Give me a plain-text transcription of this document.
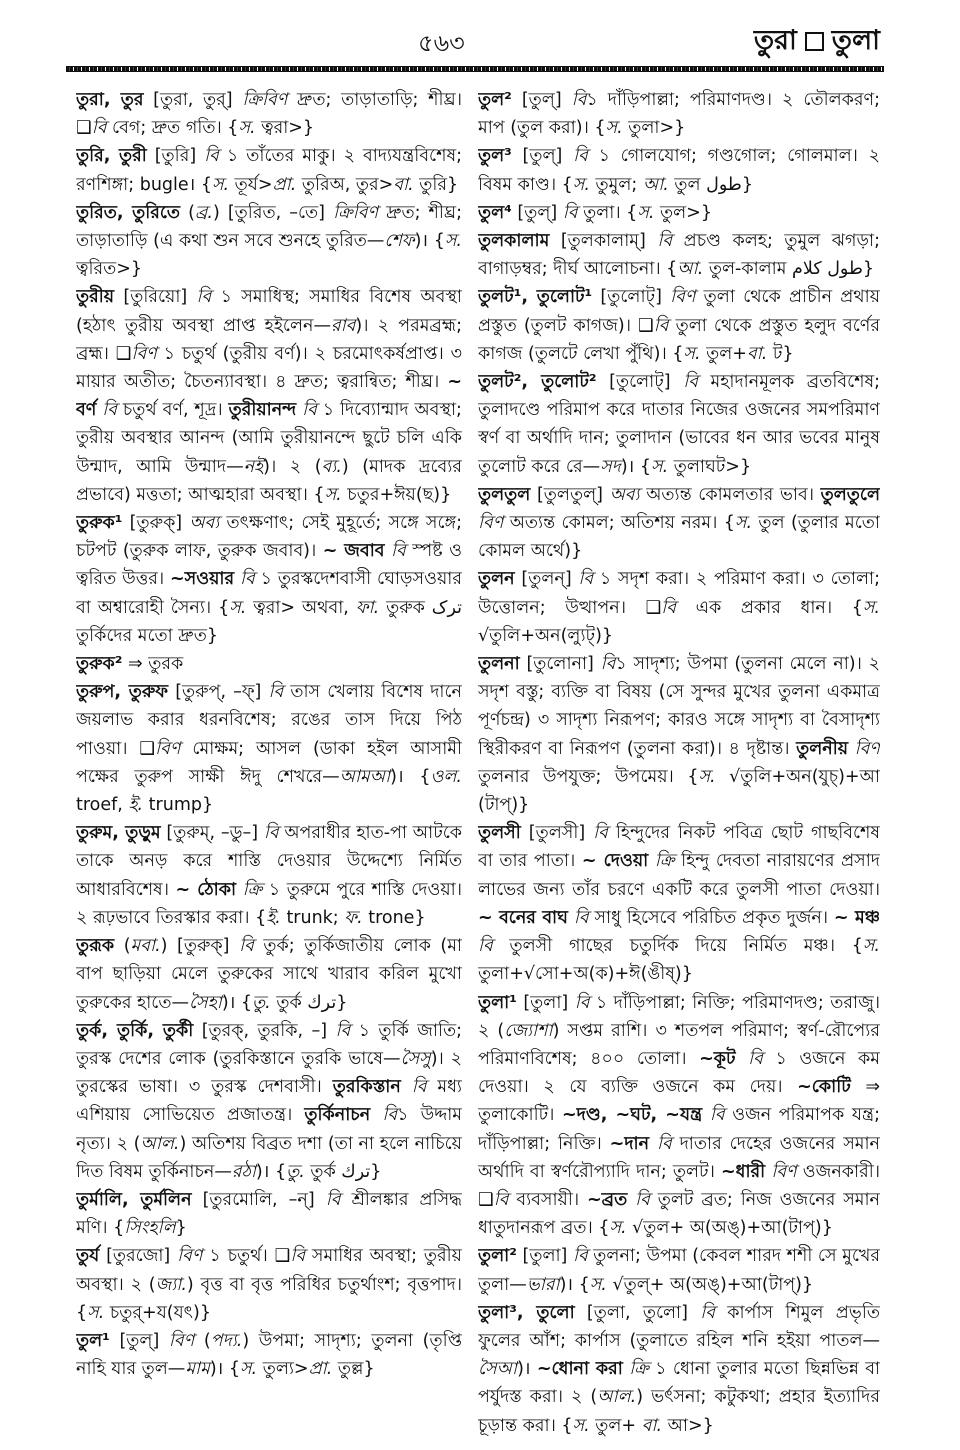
৫৬৩	তুরা তুলা

তুরা, তুর [তুরা, তুর্] ক্রিবিণ দ্রুত; তাড়াতাড়ি; শীঘ্র। ❑বি বেগ; দ্রুত গতি। {স. ত্বরা>}

তুরি, তুরী [তুরি] বি ১ তাঁতের মাকু। ২ বাদ্যযন্ত্রবিশেষ; রণশিঙ্গা; bugle। {স. তূর্য>প্রা. তুরিঅ, তুর>বা. তুরি}

তুরিত, তুরিতে (ব্র.) [তুরিত, –তে] ক্রিবিণ দ্রুত; শীঘ্র; তাড়াতাড়ি (এ কথা শুন সবে শুনহে তুরিত—শেফ)। {স. ত্বরিত>}

তুরীয় [তুরিয়ো] বি ১ সমাধিস্থ; সমাধির বিশেষ অবস্থা (হঠাৎ তুরীয় অবস্থা প্রাপ্ত হইলেন—রাব)। ২ পরমব্রহ্ম; ব্রহ্ম। ❑বিণ ১ চতুর্থ (তুরীয় বর্ণ)। ২ চরমোৎকর্ষপ্রাপ্ত। ৩ মায়ার অতীত; চৈতন্যাবস্থা। ৪ দ্রুত; ত্বরান্বিত; শীঘ্র। ~ বর্ণ বি চতুর্থ বর্ণ, শূদ্র। তুরীয়ানন্দ বি ১ দিব্যোন্মাদ অবস্থা; তুরীয় অবস্থার আনন্দ (আমি তুরীয়ানন্দে ছুটে চলি একি উন্মাদ, আমি উন্মাদ—নই)। ২ (ব্য.) (মাদক দ্রব্যের প্রভাবে) মত্ততা; আত্মহারা অবস্থা। {স. চতুর+ঈয়(ছ)}

তুরুক¹ [তুরুক্] অব্য তৎক্ষণাৎ; সেই মুহূর্তে; সঙ্গে সঙ্গে; চটপট (তুরুক লাফ, তুরুক জবাব)। ~ জবাব বি স্পষ্ট ও ত্বরিত উত্তর। ~সওয়ার বি ১ তুরস্কদেশবাসী ঘোড়সওয়ার বা অশ্বারোহী সৈন্য। {স. ত্বরা> অথবা, ফা. তুরুক ترک তুর্কিদের মতো দ্রুত}

তুরুক² ⇒ তুরক

তুরুপ, তুরুফ [তুরুপ্, –ফ্] বি তাস খেলায় বিশেষ দানে জয়লাভ করার ধরনবিশেষ; রঙের তাস দিয়ে পিঠ পাওয়া। ❑বিণ মোক্ষম; আসল (ডাকা হইল আসামী পক্ষের তুরুপ সাক্ষী ঈদু শেখরে—আমআ)। {ওল. troef, ই. trump}

তুরুম, তুড়ুম [তুরুম্, –ডু–] বি অপরাধীর হাত-পা আটকে তাকে অনড় করে শাস্তি দেওয়ার উদ্দেশ্যে নির্মিত আধারবিশেষ। ~ ঠোকা ক্রি ১ তুরুমে পুরে শাস্তি দেওয়া। ২ রূঢ়ভাবে তিরস্কার করা। {ই. trunk; ফ. trone}

তুরূক (মবা.) [তুরুক্] বি তুর্ক; তুর্কিজাতীয় লোক (মা বাপ ছাড়িয়া মেলে তুরুকের সাথে খারাব করিল মুখো তুরুকের হাতে—সৈহা)। {তু. তুর্ক ترك}

তুর্ক, তুর্কি, তুর্কী [তুরক্, তুরকি, –] বি ১ তুর্কি জাতি; তুরস্ক দেশের লোক (তুরকিস্তানে তুরকি ভাষে—সৈসু)। ২ তুরস্কের ভাষা। ৩ তুরস্ক দেশবাসী। তুরকিস্তান বি মধ্য এশিয়ায় সোভিয়েত প্রজাতন্ত্র। তুর্কিনাচন বি১ উদ্দাম নৃত্য। ২ (আল.) অতিশয় বিব্রত দশা (তা না হলে নাচিয়ে দিত বিষম তুর্কিনাচন—রঠা)। {তু. তুর্ক ترك}

তুর্মালি, তুর্মলিন [তুরমোলি, –ন্] বি শ্রীলঙ্কার প্রসিদ্ধ মণি। {সিংহলি}

তুর্য [তুরজো] বিণ ১ চতুর্থ। ❑বি সমাধির অবস্থা; তুরীয় অবস্থা। ২ (জ্যা.) বৃত্ত বা বৃত্ত পরিধির চতুর্থাংশ; বৃত্তপাদ। {স. চতুর্+য(যৎ)}

তুল¹ [তুল্] বিণ (পদ্য.) উপমা; সাদৃশ্য; তুলনা (তৃপ্তি নাহি যার তুল—মাম)। {স. তুল্য>প্রা. তুল্ল}

তুল² [তুল্] বি১ দাঁড়িপাল্লা; পরিমাণদণ্ড। ২ তৌলকরণ; মাপ (তুল করা)। {স. তুলা>}

তুল³ [তুল্] বি ১ গোলযোগ; গণ্ডগোল; গোলমাল। ২ বিষম কাণ্ড। {স. তুমুল; আ. তুল طول}

তুল⁴ [তুল্] বি তুলা। {স. তুল>}

তুলকালাম [তুলকালাম্] বি প্রচণ্ড কলহ; তুমুল ঝগড়া; বাগাড়ম্বর; দীর্ঘ আলোচনা। {আ. তুল-কালাম طول كلام}

তুলট¹, তুলোট¹ [তুলোট্] বিণ তুলা থেকে প্রাচীন প্রথায় প্রস্তুত (তুলট কাগজ)। ❑বি তুলা থেকে প্রস্তুত হলুদ বর্ণের কাগজ (তুলটে লেখা পুঁথি)। {স. তুল+বা. ট}

তুলট², তুলোট² [তুলোট্] বি মহাদানমূলক ব্রতবিশেষ; তুলাদণ্ডে পরিমাপ করে দাতার নিজের ওজনের সমপরিমাণ স্বর্ণ বা অর্থাদি দান; তুলাদান (ভাবের ধন আর ভবের মানুষ তুলোট করে রে—সদ)। {স. তুলাঘট>}

তুলতুল [তুলতুল্] অব্য অত্যন্ত কোমলতার ভাব। তুলতুলে বিণ অত্যন্ত কোমল; অতিশয় নরম। {স. তুল (তুলার মতো কোমল অর্থে)}

তুলন [তুলন্] বি ১ সদৃশ করা। ২ পরিমাণ করা। ৩ তোলা; উত্তোলন; উত্থাপন। ❑বি এক প্রকার ধান। {স. √তুলি+অন(ল্যুট্)}

তুলনা [তুলোনা] বি১ সাদৃশ্য; উপমা (তুলনা মেলে না)। ২ সদৃশ বস্তু; ব্যক্তি বা বিষয় (সে সুন্দর মুখের তুলনা একমাত্র পূর্ণচন্দ্র) ৩ সাদৃশ্য নিরূপণ; কারও সঙ্গে সাদৃশ্য বা বৈসাদৃশ্য স্থিরীকরণ বা নিরূপণ (তুলনা করা)। ৪ দৃষ্টান্ত। তুলনীয় বিণ তুলনার উপযুক্ত; উপমেয়। {স. √তুলি+অন(যুচ্)+আ (টাপ্)}

তুলসী [তুলসী] বি হিন্দুদের নিকট পবিত্র ছোট গাছবিশেষ বা তার পাতা। ~ দেওয়া ক্রি হিন্দু দেবতা নারায়ণের প্রসাদ লাভের জন্য তাঁর চরণে একটি করে তুলসী পাতা দেওয়া। ~ বনের বাঘ বি সাধু হিসেবে পরিচিত প্রকৃত দুর্জন। ~ মঞ্চ বি তুলসী গাছের চতুর্দিক দিয়ে নির্মিত মঞ্চ। {স. তুলা+√সো+অ(ক)+ঈ(ঙীষ্)}

তুলা¹ [তুলা] বি ১ দাঁড়িপাল্লা; নিক্তি; পরিমাণদণ্ড; তরাজু। ২ (জ্যোশা) সপ্তম রাশি। ৩ শতপল পরিমাণ; স্বর্ণ-রৌপ্যের পরিমাণবিশেষ; ৪০০ তোলা। ~কূট বি ১ ওজনে কম দেওয়া। ২ যে ব্যক্তি ওজনে কম দেয়। ~কোটি ⇒ তুলাকোটি। ~দণ্ড, ~ঘট, ~যন্ত্র বি ওজন পরিমাপক যন্ত্র; দাঁড়িপাল্লা; নিক্তি। ~দান বি দাতার দেহের ওজনের সমান অর্থাদি বা স্বর্ণরৌপ্যাদি দান; তুলট। ~ধারী বিণ ওজনকারী। ❑বি ব্যবসায়ী। ~ব্রত বি তুলট ব্রত; নিজ ওজনের সমান ধাতুদানরূপ ব্রত। {স. √তুল+ অ(অঙ্)+আ(টাপ্)}

তুলা² [তুলা] বি তুলনা; উপমা (কেবল শারদ শশী সে মুখের তুলা—ভারা)। {স. √তুল্+ অ(অঙ্)+আ(টাপ্)}

তুলা³, তুলো [তুলা, তুলো] বি কার্পাস শিমুল প্রভৃতি ফুলের আঁশ; কার্পাস (তুলাতে রহিল শনি হইয়া পাতল—সৈআ)। ~ধোনা করা ক্রি ১ ধোনা তুলার মতো ছিন্নভিন্ন বা পর্যুদস্ত করা। ২ (আল.) ভর্ৎসনা; কটুকথা; প্রহার ইত্যাদির চূড়ান্ত করা। {স. তুল+ বা. আ>}
